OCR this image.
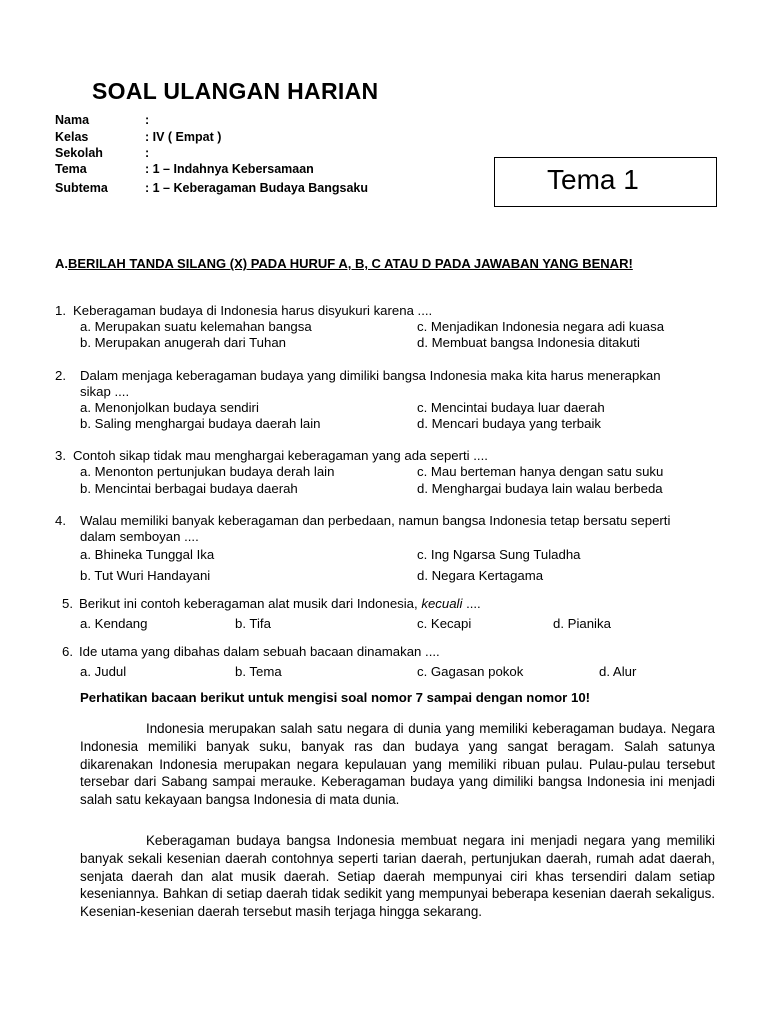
SOAL ULANGAN HARIAN
Nama	:
Kelas	: IV ( Empat )
Sekolah	:
Tema	: 1 – Indahnya Kebersamaan
Subtema	: 1 – Keberagaman Budaya Bangsaku	Tema 1
A.BERILAH TANDA SILANG (X) PADA HURUF A, B, C ATAU D PADA JAWABAN YANG BENAR!
1. Keberagaman budaya di Indonesia harus disyukuri karena ....
a. Merupakan suatu kelemahan bangsa
b. Merupakan anugerah dari Tuhan
c. Menjadikan Indonesia negara adi kuasa
d. Membuat bangsa Indonesia ditakuti
2. Dalam menjaga keberagaman budaya yang dimiliki bangsa Indonesia maka kita harus menerapkan
sikap ....
a. Menonjolkan budaya sendiri
b. Saling menghargai budaya daerah lain
c. Mencintai budaya luar daerah
d. Mencari budaya yang terbaik
3. Contoh sikap tidak mau menghargai keberagaman yang ada seperti ....
a. Menonton pertunjukan budaya derah lain
b. Mencintai berbagai budaya daerah
c. Mau berteman hanya dengan satu suku
d. Menghargai budaya lain walau berbeda
4. Walau memiliki banyak keberagaman dan perbedaan, namun bangsa Indonesia tetap bersatu seperti
dalam semboyan ....
a. Bhineka Tunggal Ika
b. Tut Wuri Handayani
c. Ing Ngarsa Sung Tuladha
d. Negara Kertagama
5. Berikut ini contoh keberagaman alat musik dari Indonesia, kecuali ....
a. Kendang	b. Tifa	c. Kecapi	d. Pianika
6. Ide utama yang dibahas dalam sebuah bacaan dinamakan ....
a. Judul	b. Tema	c. Gagasan pokok	d. Alur
Perhatikan bacaan berikut untuk mengisi soal nomor 7 sampai dengan nomor 10!

Indonesia merupakan salah satu negara di dunia yang memiliki keberagaman budaya. Negara Indonesia memiliki banyak suku, banyak ras dan budaya yang sangat beragam. Salah satunya dikarenakan Indonesia merupakan negara kepulauan yang memiliki ribuan pulau. Pulau-pulau tersebut tersebar dari Sabang sampai merauke. Keberagaman budaya yang dimiliki bangsa Indonesia ini menjadi salah satu kekayaan bangsa Indonesia di mata dunia.

Keberagaman budaya bangsa Indonesia membuat negara ini menjadi negara yang memiliki banyak sekali kesenian daerah contohnya seperti tarian daerah, pertunjukan daerah, rumah adat daerah, senjata daerah dan alat musik daerah. Setiap daerah mempunyai ciri khas tersendiri dalam setiap keseniannya. Bahkan di setiap daerah tidak sedikit yang mempunyai beberapa kesenian daerah sekaligus. Kesenian-kesenian daerah tersebut masih terjaga hingga sekarang.
